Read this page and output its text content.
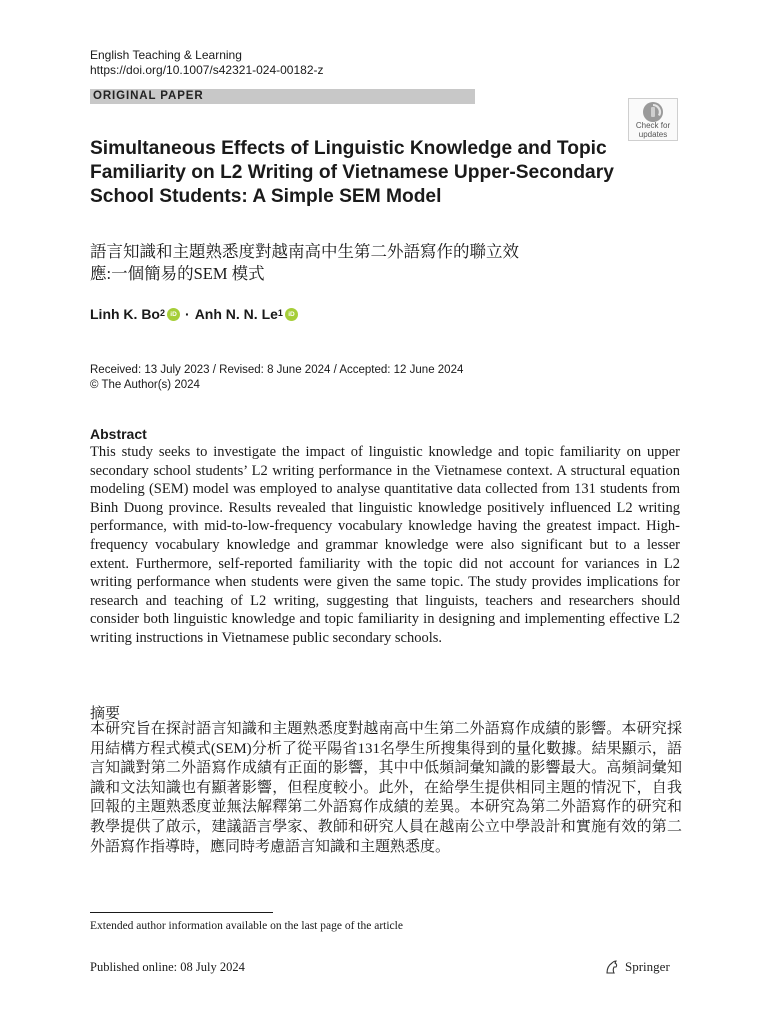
English Teaching & Learning
https://doi.org/10.1007/s42321-024-00182-z
ORIGINAL PAPER
Check for
updates
Simultaneous Effects of Linguistic Knowledge and Topic
Familiarity on L2 Writing of Vietnamese Upper-Secondary
School Students: A Simple SEM Model
語言知識和主題熟悉度對越南高中生第二外語寫作的聯立效
應:一個簡易的SEM 模式
Linh K. Bo$^2$ iD · Anh N. N. Le$^1$ iD
Received: 13 July 2023 / Revised: 8 June 2024 / Accepted: 12 June 2024
© The Author(s) 2024
Abstract
This study seeks to investigate the impact of linguistic knowledge and topic familiarity on upper secondary school students’ L2 writing performance in the Vietnamese context. A structural equation modeling (SEM) model was employed to analyse quantitative data collected from 131 students from Binh Duong province. Results revealed that linguistic knowledge positively influenced L2 writing performance, with mid-to-low-frequency vocabulary knowledge having the greatest impact. High-frequency vocabulary knowledge and grammar knowledge were also significant but to a lesser extent. Furthermore, self-reported familiarity with the topic did not account for variances in L2 writing performance when students were given the same topic. The study provides implications for research and teaching of L2 writing, suggesting that linguists, teachers and researchers should consider both linguistic knowledge and topic familiarity in designing and implementing effective L2 writing instructions in Vietnamese public secondary schools.
摘要
本研究旨在探討語言知識和主題熟悉度對越南高中生第二外語寫作成績的影響。本研究採用結構方程式模式(SEM)分析了從平陽省131名學生所搜集得到的量化數據。結果顯示，語言知識對第二外語寫作成績有正面的影響，其中中低頻詞彙知識的影響最大。高頻詞彙知識和文法知識也有顯著影響，但程度較小。此外，在給學生提供相同主題的情況下，自我回報的主題熟悉度並無法解釋第二外語寫作成績的差異。本研究為第二外語寫作的研究和教學提供了啟示，建議語言學家、教師和研究人員在越南公立中學設計和實施有效的第二外語寫作指導時，應同時考慮語言知識和主題熟悉度。
Extended author information available on the last page of the article
Published online: 08 July 2024	Springer
